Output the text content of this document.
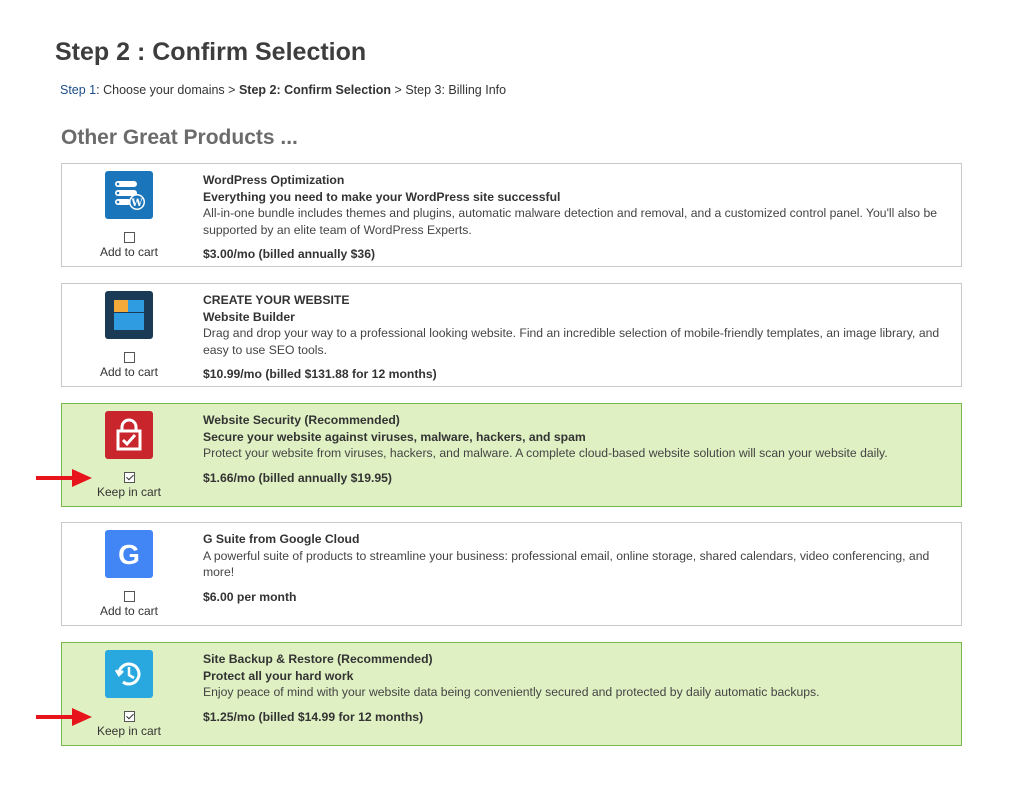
Step 2 : Confirm Selection
Step 1: Choose your domains > Step 2: Confirm Selection > Step 3: Billing Info
Other Great Products ...
W
Add to cart
WordPress Optimization
Everything you need to make your WordPress site successful
All-in-one bundle includes themes and plugins, automatic malware detection and removal, and a customized control panel. You'll also be supported by an elite team of WordPress Experts.
$3.00/mo (billed annually $36)
Add to cart
CREATE YOUR WEBSITE
Website Builder
Drag and drop your way to a professional looking website. Find an incredible selection of mobile-friendly templates, an image library, and easy to use SEO tools.
$10.99/mo (billed $131.88 for 12 months)
Keep in cart
Website Security (Recommended)
Secure your website against viruses, malware, hackers, and spam
Protect your website from viruses, hackers, and malware. A complete cloud-based website solution will scan your website daily.
$1.66/mo (billed annually $19.95)
G
Add to cart
G Suite from Google Cloud
A powerful suite of products to streamline your business: professional email, online storage, shared calendars, video conferencing, and more!
$6.00 per month
Keep in cart
Site Backup & Restore (Recommended)
Protect all your hard work
Enjoy peace of mind with your website data being conveniently secured and protected by daily automatic backups.
$1.25/mo (billed $14.99 for 12 months)
